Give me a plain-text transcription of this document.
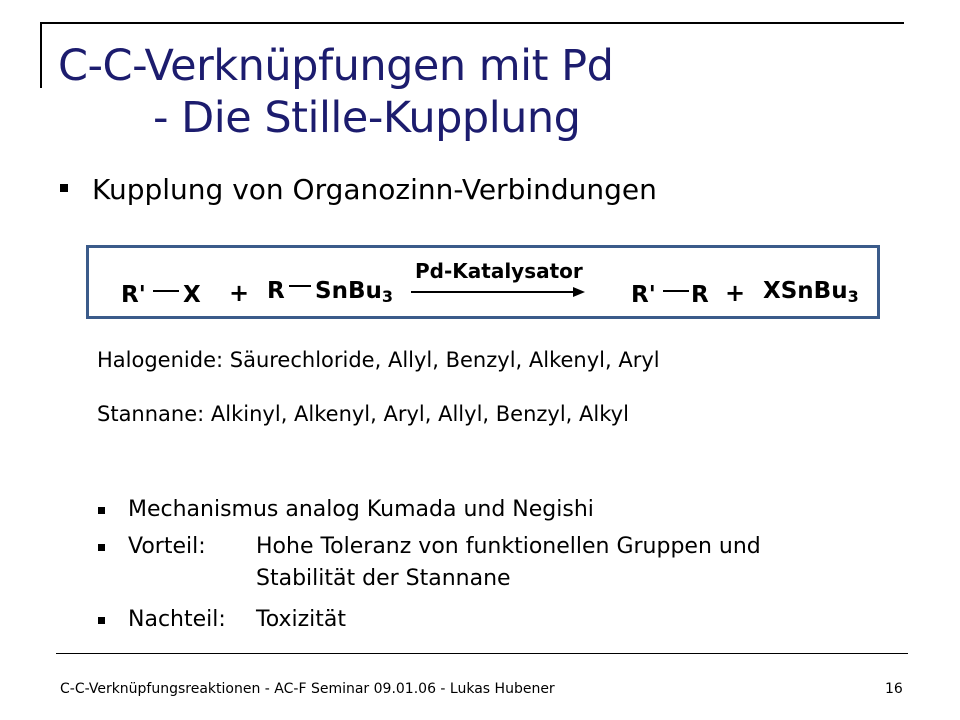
C-C-Verknüpfungen mit Pd
- Die Stille-Kupplung
Kupplung von Organozinn-Verbindungen
R' X + R SnBu$_3$
Pd-Katalysator
R' R + XSnBu$_3$
Halogenide: Säurechloride, Allyl, Benzyl, Alkenyl, Aryl
Stannane: Alkinyl, Alkenyl, Aryl, Allyl, Benzyl, Alkyl
Mechanismus analog Kumada und Negishi
Vorteil: Hohe Toleranz von funktionellen Gruppen und
Stabilität der Stannane
Nachteil: Toxizität
C-C-Verknüpfungsreaktionen - AC-F Seminar 09.01.06 - Lukas Hubener	16
